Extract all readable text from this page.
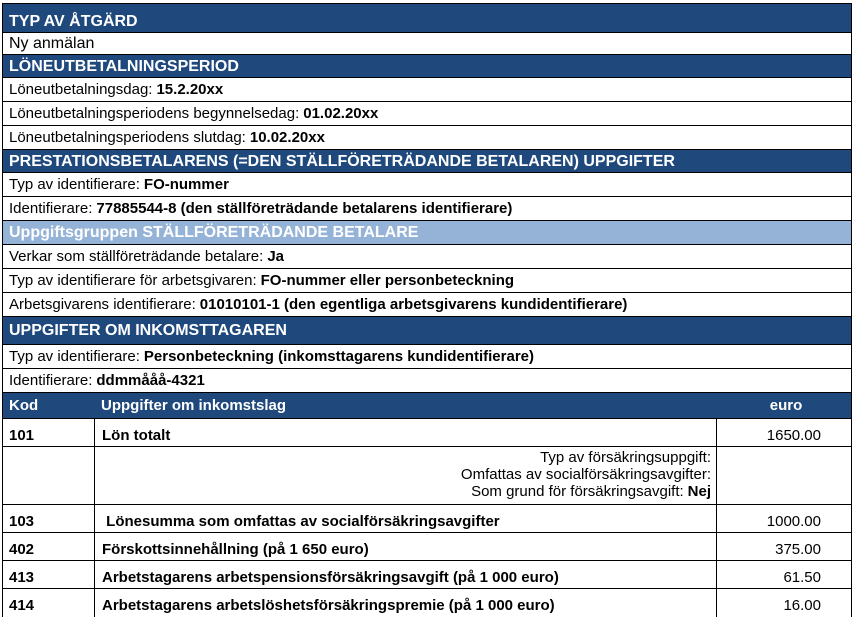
TYP AV ÅTGÄRD
Ny anmälan
LÖNEUTBETALNINGSPERIOD
Löneutbetalningsdag: 15.2.20xx
Löneutbetalningsperiodens begynnelsedag: 01.02.20xx
Löneutbetalningsperiodens slutdag: 10.02.20xx
PRESTATIONSBETALARENS (=DEN STÄLLFÖRETRÄDANDE BETALAREN) UPPGIFTER
Typ av identifierare: FO-nummer
Identifierare: 77885544-8 (den ställföreträdande betalarens identifierare)
Uppgiftsgruppen STÄLLFÖRETRÄDANDE BETALARE
Verkar som ställföreträdande betalare: Ja
Typ av identifierare för arbetsgivaren: FO-nummer eller personbeteckning
Arbetsgivarens identifierare: 01010101-1 (den egentliga arbetsgivarens kundidentifierare)
UPPGIFTER OM INKOMSTTAGAREN
Typ av identifierare: Personbeteckning (inkomsttagarens kundidentifierare)
Identifierare: ddmmååå-4321
Kod	Uppgifter om inkomstslag	euro
101	Lön totalt	1650.00
Typ av försäkringsuppgift:
Omfattas av socialförsäkringsavgifter:
Som grund för försäkringsavgift: Nej
103	Lönesumma som omfattas av socialförsäkringsavgifter	1000.00
402	Förskottsinnehållning (på 1 650 euro)	375.00
413	Arbetstagarens arbetspensionsförsäkringsavgift (på 1 000 euro)	61.50
414	Arbetstagarens arbetslöshetsförsäkringspremie (på 1 000 euro)	16.00
